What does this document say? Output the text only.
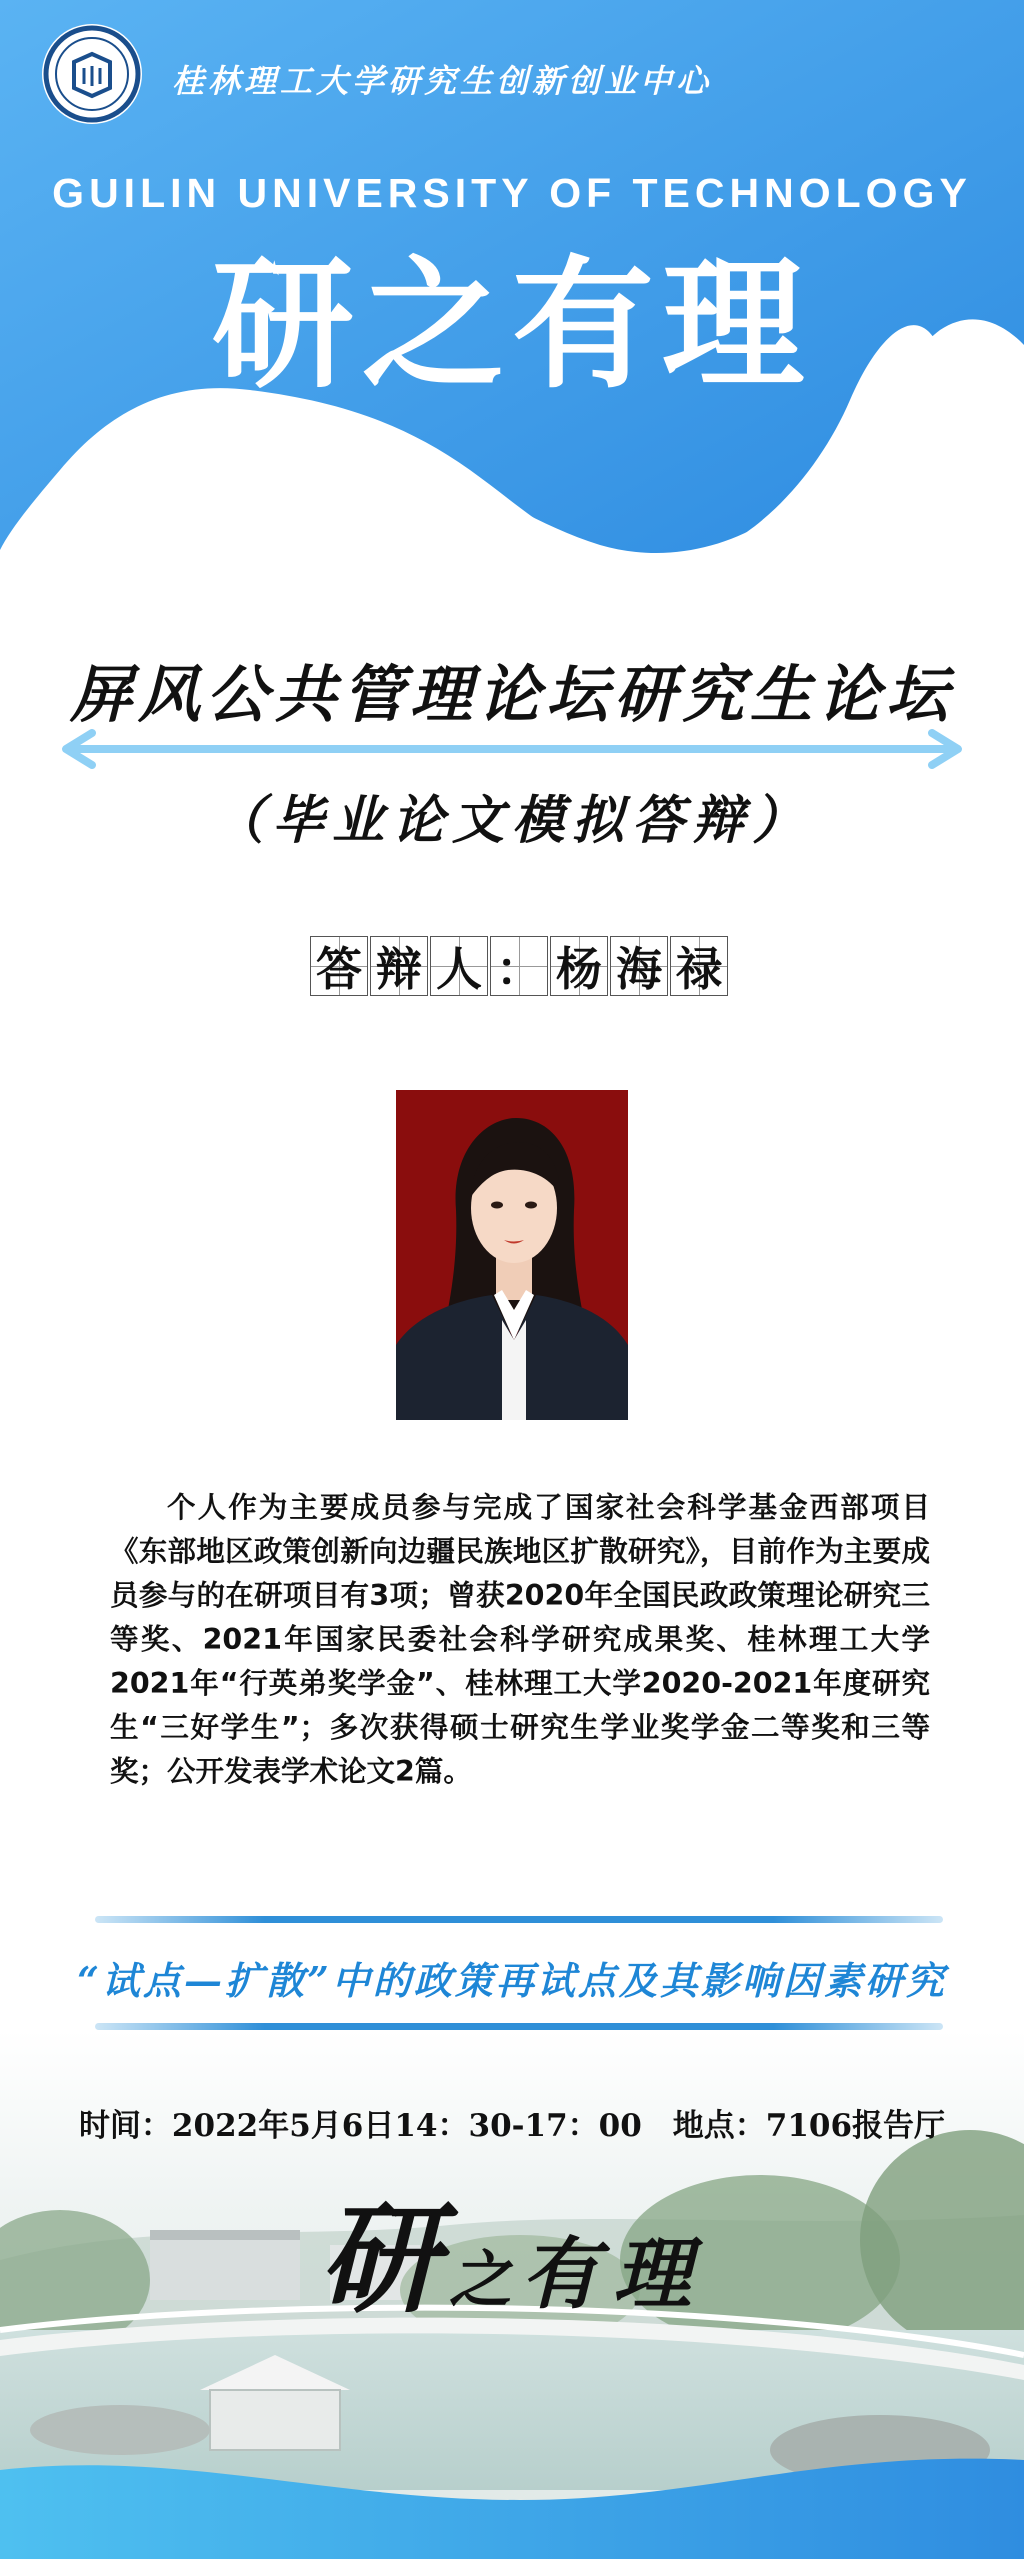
桂林理工大学研究生创新创业中心
GUILIN UNIVERSITY OF TECHNOLOGY
研之有理
屏风公共管理论坛研究生论坛
（毕业论文模拟答辩）
答 辩 人 ： 杨 海 禄

个人作为主要成员参与完成了国家社会科学基金西部项目《东部地区政策创新向边疆民族地区扩散研究》，目前作为主要成员参与的在研项目有3项；曾获2020年全国民政政策理论研究三等奖、2021年国家民委社会科学研究成果奖、桂林理工大学2021年“行英弟奖学金”、桂林理工大学2020-2021年度研究生“三好学生”；多次获得硕士研究生学业奖学金二等奖和三等奖；公开发表学术论文2篇。

“试点—扩散”中的政策再试点及其影响因素研究
时间：2022年5月6日14：30-17：00　地点：7106报告厅
研之 有理
